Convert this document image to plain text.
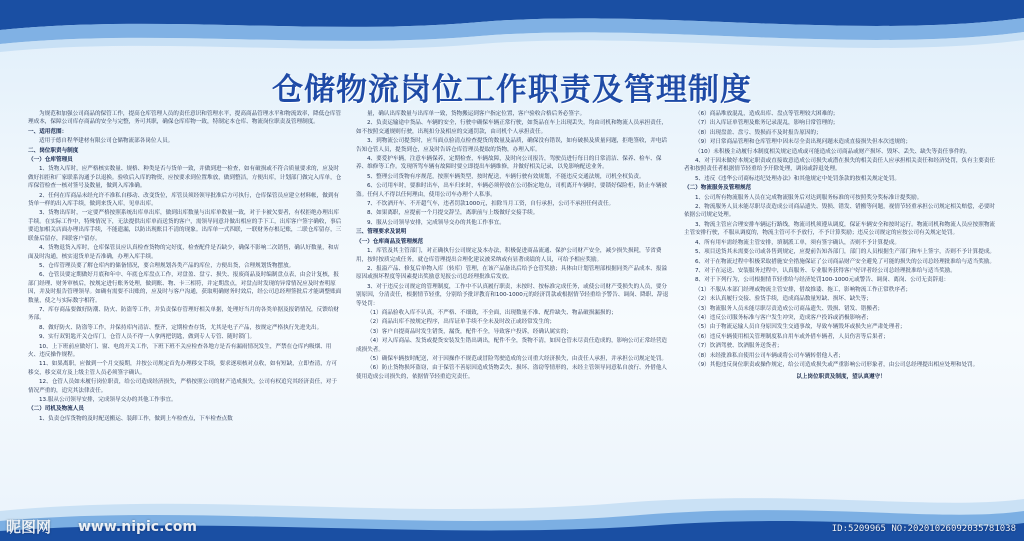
仓储物流岗位工作职责及管理制度

为规范和加强公司商品的保管工作，提高仓库管理人员的责任意识和管理水平，提高商品管理水平和物流效率，降低仓库管理成本，保障公司库存商品的安全与完整，务可其职，确保仓库库物一致，特制定本仓库、物流岗位职责及管理制度。

一、适用范围：

适用于德自程华建材有限公司仓储物流部各岗位人员。

二、岗位职责与制度

（一）仓库管理员

1、货物入库时，应严格核实数量、规格、种类是否与货单一致，并做到进一检查，如有破损或不符合质量要求的，应及时做好扣拒和厂家联系沟通予以退换。验收后入库的物资，应按要求到位置堆放，做到整洁，方便出库，计划部门做完入库单，仓库保管检查一核对签号及数量，做到入库准确。

2、任何在库商品未经允许不准私自移动、改变货位，库管员须经领导批准后方可执行，仓库保管员应建立材料帐，做到有货单一样的出入库手续，做到来货入库，见单出库。

3、货物出库时，一定要严格按照系统出库单出库，做到出库数量与出库单数量一致，对于卡被欠要者，有权拒绝办理出库手续。在实际工作中，特殊情况下，无法提供出库单而送货的客户，需领导同意并做出相应的手下工，出库客户签字确收，事后要追加相关店面办理出库手续，不能遗漏，以防出现账目不清的现象。出库单一式四联，一联财务存根记账，二联仓库留存，三联备后留存，四联客户留存。

4、货物退货入库时，仓库保管员应认真检查货物的完好度，检查配件是否缺少，确保不影响二次销售，确认好数量，和店面及时沟通，核实退货单是否准确，办理入库手续。

5、仓库管理员要了解仓库内的储备情况，要合理规划各类产品的库位，方便出货，合理规划货物摆放。

6、仓管员要定期做好月底和年中、年底仓库盘点工作，对盘盈、盘亏、损失、报废商品及时编制盘点表，由会计复核，报部门经理、财务审核后，按规定进行账务处理，做到账、物、卡三相符，并定期盘点，对盘点时发现的异常情况应及时查明原因，并及时报告管理领导。如确有需要不出账的，应及时与客户沟通，获取明确财务时效后，经公司总经理签批后才能调整账面数量，使之与实际数字相符。

7、库存商品要做好防潮、防火、防盗等工作，并负责保存管理好相关单据，处理好当月的各类单据及报销情况，反馈给财务部。

8、做好防火、防盗等工作，并保持库内清洁、整齐，定期检查存货，尤其是电子产品，按规定严格执行先进先出。

9、实行双钥匙开关仓库门，仓管人员不得一人拿两把钥匙，做到专人专管、随时锁门。

10、上下班前应做好门、窗、电的开关工作，下班下班不关应检查各地方是否有漏雨情况发生，严禁在仓库内吸烟、用火、违反操作规程。

11、如果离职，应做到一个月交接期，并按公司规定首先办理移交手续，要求逐项核对点收，如有短缺，立即查清，方可移交，移交双方及上级主管人员必须签字确认。

12、仓管人员如未履行岗位职责，给公司造成经济损失，严格按照公司的财产造成损失，公司有权追究其经济责任，对于情况严重的，追究其法律责任。

13.服从公司领导安排，完成领导交办的其他工作事宜。

（二）司机及物流人员

1、负责仓库货物的及时配送搬运、装卸工作，做到上车检查点，下车检查点数

量，确认出库数量与出库单一致，货物搬运到客户指定位置，客户验收合格后务必签字。

2、负责运输途中货品、车辆的安全，行驶中确保车辆正常行驶，如货品在车上出现丢失，均由司机和物流人员承担责任，如不按照交通规则行驶，出现扣分及相应的交通罚款，由司机个人承担责任。

3、到物流公司提货时，应当面点验清点检查提货的数量及品质，确保没有错误，如有破损及质量问题，拒绝签收，并电话告知仓管人员，提货到仓，应及时告诉仓库管理员提取的货物，办理入库。

4、要爱护车辆，注意车辆保养，定期检查，车辆故障，及时向公司报告，驾驶员进行每日的日常清洁、保养、检车、保养、维修等工作。发现所驾车辆有故障时要立即提出车辆维修，并做好相关记录，以免影响配送业务。

5、整理公司货物有序规范，按照车辆类型，按时配送，车辆行驶有效规划，不能违反交通法规，司机全权负责。

6、公司用车时，要准时出车，出车归来时，车辆必须停放在公司指定地点，司机离开车辆时，要锁好保险柜，防止车辆被盗。任何人不得以任何理由，使用公司车办理个人私事。

7、不饮酒开车、不开超气车，违者罚款1000元，扣除当月工资，自行承担，公司不承担任何责任。

8、如果离职，应提前一个月提交辞呈，离职前与上级做好交接手续。

9、服从公司领导安排，完成领导交办的其他工作事宜。

三、管理要求及说明

（一）仓库商品及管理规范

1、库管及其主管部门，对正确执行公司规定及本办法，积极促进商品流通、保护公司财产安全，减少损失损耗，节省费用，按时按质完成任务，就仓库管理提出合理化建议被采纳或有显著成绩的人员，可给予相应奖励。

2、报溢产品、修复后单物入库（转库）管理，在该产品备出后给予仓管奖励；具体由计划管理部根据同类产品成本、报溢原因或损坏程度等因素提出奖励意见报公司总经理批准后发放。

3、对于违反公司规定的管理制度，工作中不认真履行职责，未按时、按标准完成任务，或使公司财产受损失的人员，要分别原因，分清责任，根据情节轻重，分别给予批评教育和100-1000元的经济罚款或根据情节轻重给予警告、调岗、降职、辞退等处罚：

（1）商品验收入库不认真，不严格、不细致，不全面，出现数量不准、配件缺失、物品破损漏损的；

（2）商品出库不按规定程序，出库证单手续不全未及时改正或经常发生的；

（3）客户自提商品时发生错货，漏货，配件不全，导致客户投诉，经确认属实的；

（4）对入库商品、发货或提货安装发生错出调出，配件不全，货物不清，如因仓管未尽责任造成的，影响公司正常经营造成损失者。

（5）确保车辆按时配送，对于因操作不规范或冒险驾驶造成的公司重大经济损失，由责任人承担，并承担公司规定处罚。

（6）防止货物损坏盗窃，由于保管不善原因造成货物丢失、损坏、盗窃等情形的，未经主管领导同意私自放行、外借他人使用造成公司损失的，依据情节轻重追究责任。

（6）商品堆放混乱，造成出库、盘点等管理较大困难的；

（7）出入库证单管理及账务记录混乱，影响日常管理的；

（8）出现盘盈、盘亏、毁损而不及时报告原因的；

（9）对日常商品管理和仓库管理中因未尽全责出现问题未造成直接损失但本次违规的；

（10）未积极主动履行本制度相关规定造成或可能造成公司商品或财产损坏、毁坏、丢失、缺失等责任事件的。

4、对于因未做好本规定职责或直接故意造成公司损失或潜在损失的相关责任人应承担相关责任和经济处罚，负有主要责任者和按照责任者根据情节轻重给予开除处理，调岗或辞退处理。

5、违反《违华公司商标违纪处理办法》和其他规定中处罚条款的按相关规定处罚。

（二）物流服务及管理规范

1、公司所有物流服务人员在完成物流服务后对达到服务标准的可按照奖分奖标准计提奖励。

2、物流服务人员未能尽职尽责造成公司商品遗失、毁损、错发、错搬等问题，视情节轻重承担公司规定相关赔偿，必要时依据公司规定处理。

3、物流主管应合理安排车辆运行路线，物流司机须遵从调度，保证车辆安全和按时运行。物流司机和物流人员应按照物流主管安排行驶，不服从调度的，物流主管可不予放行，不予计算奖励；违反公司规定的应按公司有关规定处罚。

4、所有用车需经物流主管安排，填制派工单，须有签字确认，否则不予计算提成。

5、项目送货其未需要公司或各售到规定，应提前告知各部门，部门的人员根据生产部门和车上签字，否则不予计算提成。

6、对于在物流过程中积极采取措施安全措施保证了公司商品财产安全避免了可能的损失的公司总经理批准给与适当奖励。

7、对于在运送、安装服务过程中，认真服务、专业服务获得客户好评者经公司总经理批准给与适当奖励。

8、对于下列行为，公司根据情节轻重给与经济处罚100-1000元或警告、调岗、离岗、公司无责辞退：

（1）不服从本部门经理或物流主管安排，借故推诿、拖工，影响物流工作正常秩序者；

（2）未认真履行交接、验货手续，造成商品数量短缺、损坏、缺失等；

（3）物流服务人员未能尽职尽责造成公司商品遗失、毁损、错发、错搬者；

（4）违反公司服务标准与客户发生冲突，造成客户投诉或消极影响者；

（5）由于物流运输人员自身原因发生交通事故，导致车辆毁坏或损失应严肃处理者；

（6）违反车辆使用相关管理制度私自用车或外借车辆者，人员伤害等后果者；

（7）饮酒驾驶、饮酒服务送货者；

（8）未经批准私自使用公司车辆或将公司车辆转借他人者；

（9）其他违反岗位职责或操作规定，给公司造成损失或严重影响公司形象者，由公司总经理提出相应处理和处罚。

以上岗位职责及制度，望认真遵守！

昵图网 www.nipic.com	ID:5209965 NO:20201026092035781038
